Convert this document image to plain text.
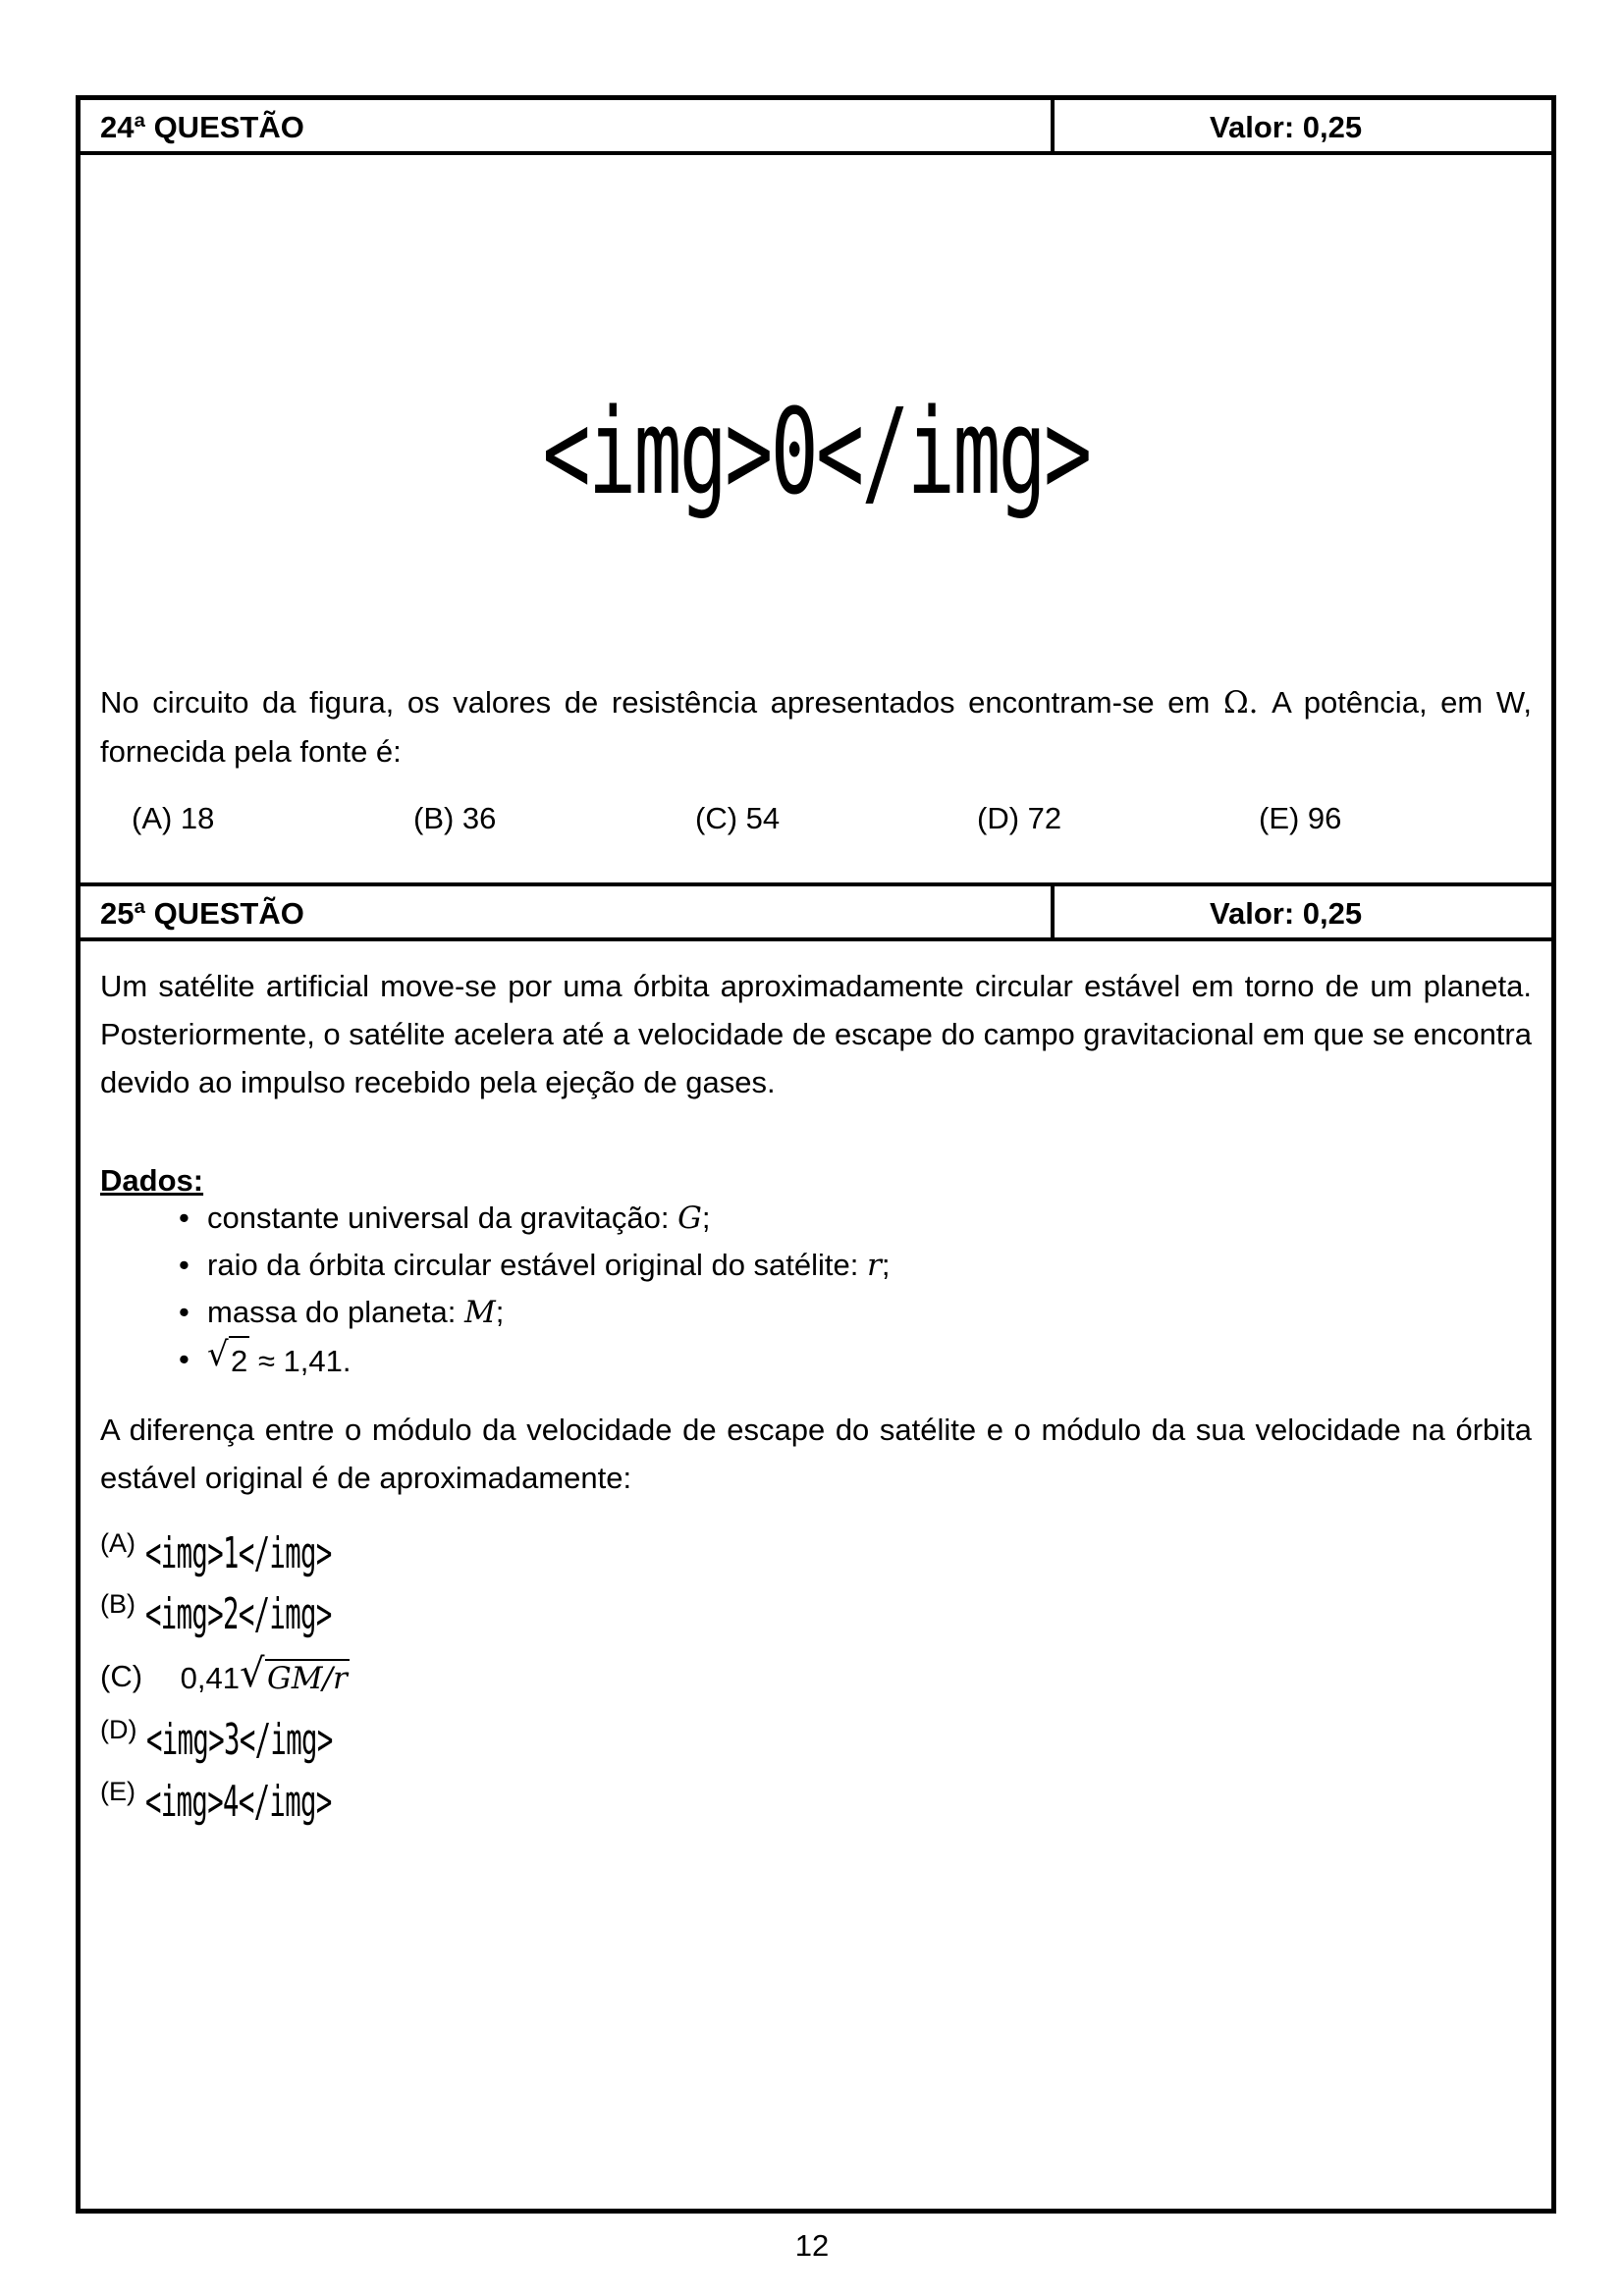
24ª QUESTÃO	Valor: 0,25
<img>0</img>
No circuito da figura, os valores de resistência apresentados encontram-se em Ω. A potência, em W, fornecida pela fonte é:
(A) 18	(B) 36	(C) 54	(D) 72	(E) 96
25ª QUESTÃO	Valor: 0,25
Um satélite artificial move-se por uma órbita aproximadamente circular estável em torno de um planeta. Posteriormente, o satélite acelera até a velocidade de escape do campo gravitacional em que se encontra devido ao impulso recebido pela ejeção de gases.
Dados:
• constante universal da gravitação: G;
• raio da órbita circular estável original do satélite: r;
• massa do planeta: M;
• √ 2 ≈ 1,41.
A diferença entre o módulo da velocidade de escape do satélite e o módulo da sua velocidade na órbita estável original é de aproximadamente:
(A) <img>1</img>
(B) <img>2</img>
(C) 0,41 √ GM/r
(D) <img>3</img>
(E) <img>4</img>
12
